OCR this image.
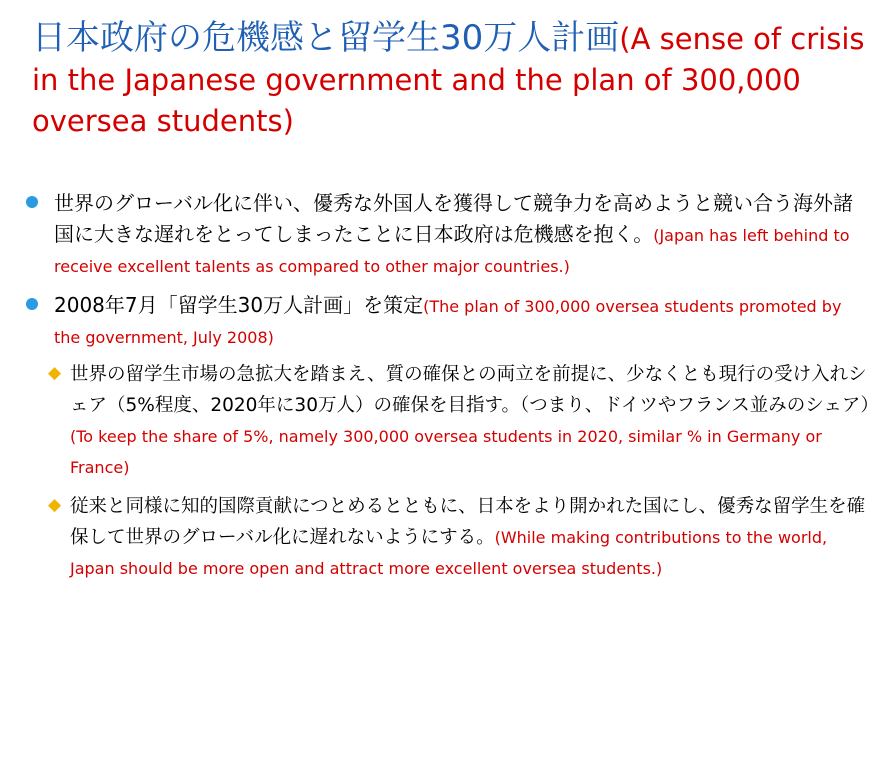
日本政府の危機感と留学生30万人計画(A sense of crisis in the Japanese government and the plan of 300,000 oversea students)
世界のグローバル化に伴い、優秀な外国人を獲得して競争力を高めようと競い合う海外諸国に大きな遅れをとってしまったことに日本政府は危機感を抱く。(Japan has left behind to receive excellent talents as compared to other major countries.)
2008年7月「留学生30万人計画」を策定(The plan of 300,000 oversea students promoted by the government, July 2008)
◆ 世界の留学生市場の急拡大を踏まえ、質の確保との両立を前提に、少なくとも現行の受け入れシェア（5%程度、2020年に30万人）の確保を目指す。（つまり、ドイツやフランス並みのシェア）(To keep the share of 5%, namely 300,000 oversea students in 2020, similar % in Germany or France)
◆ 従来と同様に知的国際貢献につとめるとともに、日本をより開かれた国にし、優秀な留学生を確保して世界のグローバル化に遅れないようにする。(While making contributions to the world, Japan should be more open and attract more excellent oversea students.)
